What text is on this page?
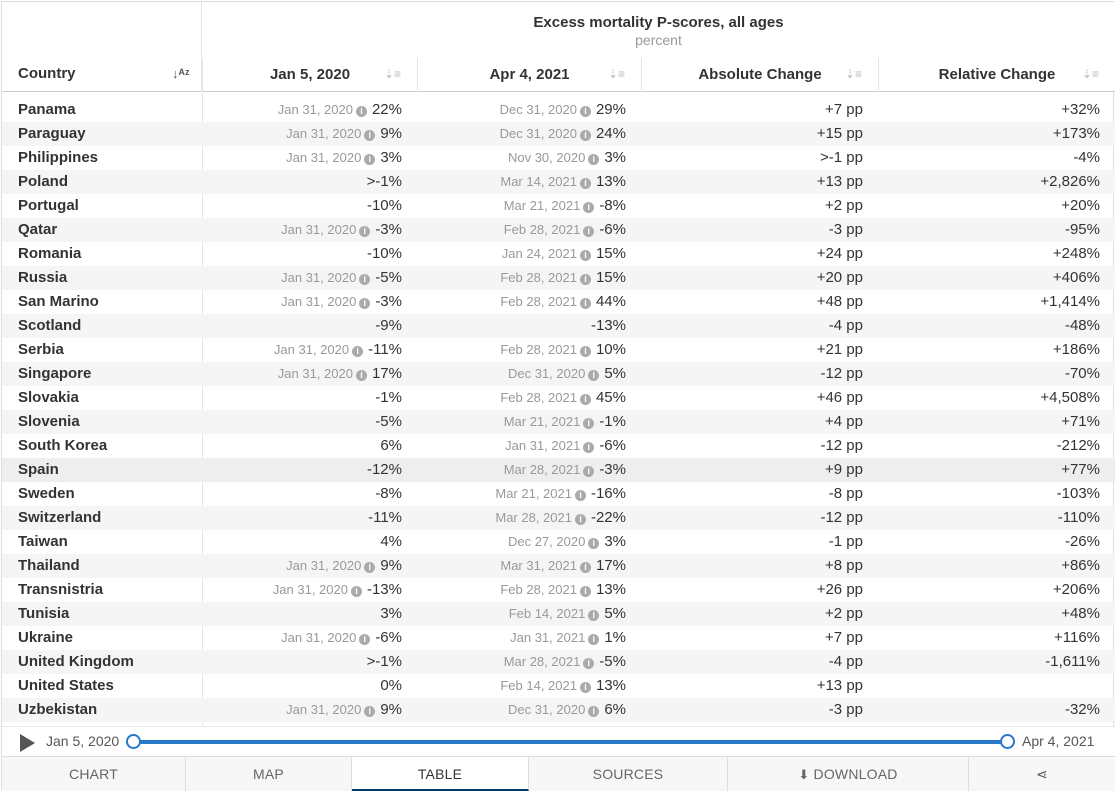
Country	↓ᴬᶻ
Excess mortality P-scores, all ages
percent
Jan 5, 2020	⇣≡	Apr 4, 2021	⇣≡	Absolute Change	⇣≡	Relative Change	⇣≡
Panama	Jan 31, 2020 i 22%	Dec 31, 2020 i 29%	+7 pp	+32%
Paraguay	Jan 31, 2020 i 9%	Dec 31, 2020 i 24%	+15 pp	+173%
Philippines	Jan 31, 2020 i 3%	Nov 30, 2020 i 3%	>-1 pp	-4%
Poland	>-1%	Mar 14, 2021 i 13%	+13 pp	+2,826%
Portugal	-10%	Mar 21, 2021 i -8%	+2 pp	+20%
Qatar	Jan 31, 2020 i -3%	Feb 28, 2021 i -6%	-3 pp	-95%
Romania	-10%	Jan 24, 2021 i 15%	+24 pp	+248%
Russia	Jan 31, 2020 i -5%	Feb 28, 2021 i 15%	+20 pp	+406%
San Marino	Jan 31, 2020 i -3%	Feb 28, 2021 i 44%	+48 pp	+1,414%
Scotland	-9%	-13%	-4 pp	-48%
Serbia	Jan 31, 2020 i -11%	Feb 28, 2021 i 10%	+21 pp	+186%
Singapore	Jan 31, 2020 i 17%	Dec 31, 2020 i 5%	-12 pp	-70%
Slovakia	-1%	Feb 28, 2021 i 45%	+46 pp	+4,508%
Slovenia	-5%	Mar 21, 2021 i -1%	+4 pp	+71%
South Korea	6%	Jan 31, 2021 i -6%	-12 pp	-212%
Spain	-12%	Mar 28, 2021 i -3%	+9 pp	+77%
Sweden	-8%	Mar 21, 2021 i -16%	-8 pp	-103%
Switzerland	-11%	Mar 28, 2021 i -22%	-12 pp	-110%
Taiwan	4%	Dec 27, 2020 i 3%	-1 pp	-26%
Thailand	Jan 31, 2020 i 9%	Mar 31, 2021 i 17%	+8 pp	+86%
Transnistria	Jan 31, 2020 i -13%	Feb 28, 2021 i 13%	+26 pp	+206%
Tunisia	3%	Feb 14, 2021 i 5%	+2 pp	+48%
Ukraine	Jan 31, 2020 i -6%	Jan 31, 2021 i 1%	+7 pp	+116%
United Kingdom	>-1%	Mar 28, 2021 i -5%	-4 pp	-1,611%
United States	0%	Feb 14, 2021 i 13%	+13 pp
Uzbekistan	Jan 31, 2020 i 9%	Dec 31, 2020 i 6%	-3 pp	-32%
Jan 5, 2020	Apr 4, 2021
CHART	MAP	TABLE	SOURCES	⬇ DOWNLOAD	⋖
